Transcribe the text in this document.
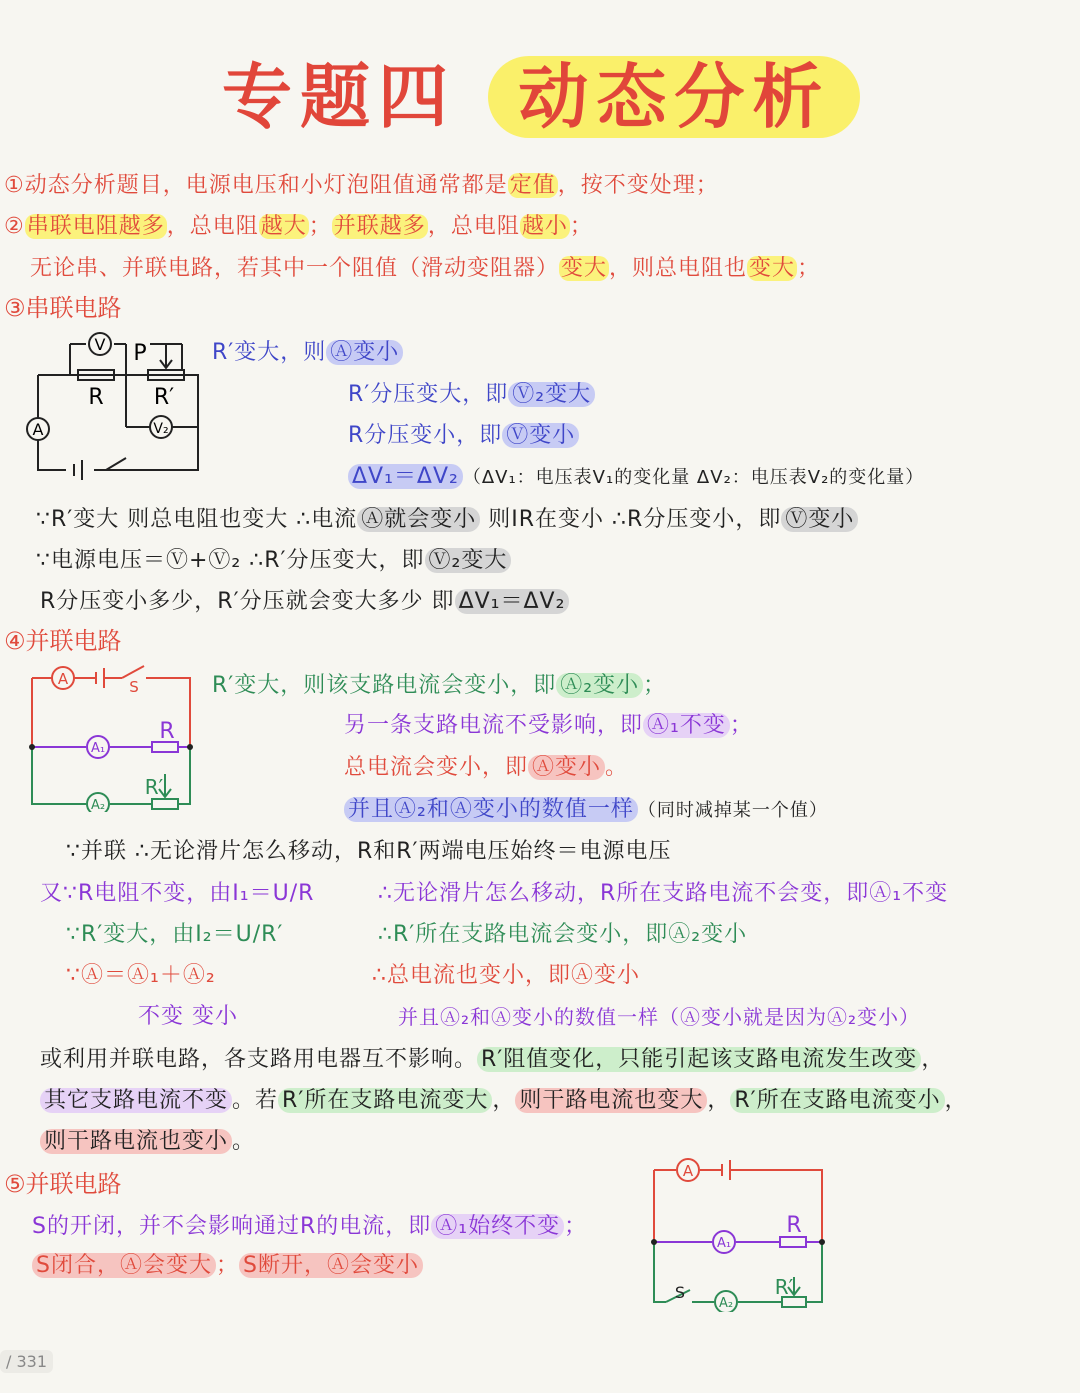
专题四 动态分析
①动态分析题目，电源电压和小灯泡阻值通常都是定值，按不变处理；
②串联电阻越多，总电阻越大；并联越多，总电阻越小；
无论串、并联电路，若其中一个阻值（滑动变阻器）变大，则总电阻也变大；
③串联电路
V P
R R′
A	V₂
R′变大，则 Ⓐ变小
R′分压变大，即 Ⓥ₂变大
R分压变小，即 Ⓥ变小
ΔV₁＝ΔV₂ （ΔV₁：电压表V₁的变化量 ΔV₂：电压表V₂的变化量）
∵R′变大 则总电阻也变大 ∴电流 Ⓐ就会变小 则IR在变小 ∴R分压变小，即 Ⓥ变小
∵电源电压＝Ⓥ+Ⓥ₂ ∴R′分压变大，即 Ⓥ₂变大
R分压变小多少，R′分压就会变大多少 即 ΔV₁＝ΔV₂
④并联电路
A	S
R
A₁
R′
A₂
R′变大，则该支路电流会变小，即 Ⓐ₂变小 ；
另一条支路电流不受影响，即 Ⓐ₁不变 ；
总电流会变小，即 Ⓐ变小 。
并且Ⓐ₂和Ⓐ变小的数值一样 （同时减掉某一个值）
∵并联 ∴无论滑片怎么移动，R和R′两端电压始终＝电源电压
又∵R电阻不变，由I₁＝U/R	∴无论滑片怎么移动，R所在支路电流不会变，即Ⓐ₁不变
∵R′变大，由I₂＝U/R′	∴R′所在支路电流会变小，即Ⓐ₂变小
∵Ⓐ＝Ⓐ₁＋Ⓐ₂	∴总电流也变小，即Ⓐ变小
不变 变小	并且Ⓐ₂和Ⓐ变小的数值一样（Ⓐ变小就是因为Ⓐ₂变小）
或利用并联电路，各支路用电器互不影响。 R′阻值变化，只能引起该支路电流发生改变 ，
其它支路电流不变 。若 R′所在支路电流变大 ， 则干路电流也变大 ， R′所在支路电流变小 ，
则干路电流也变小 。
⑤并联电路
S的开闭，并不会影响通过R的电流，即 Ⓐ₁始终不变 ；
S闭合，Ⓐ会变大 ； S断开，Ⓐ会变小
A
R
A₁
S	R′
A₂
/ 331
